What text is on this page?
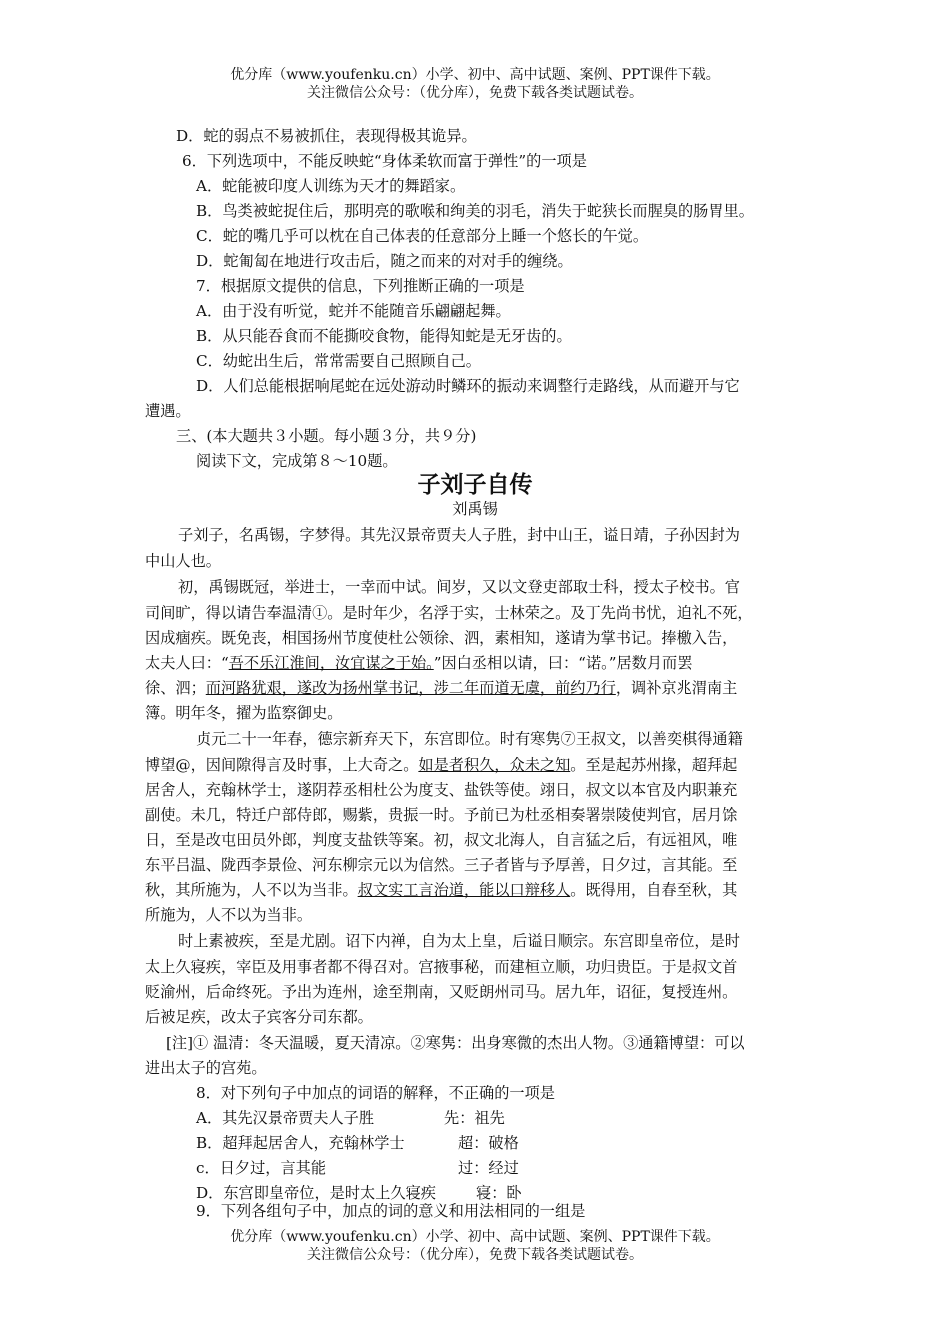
优分库（www.youfenku.cn）小学、初中、高中试题、案例、PPT课件下载。
关注微信公众号：（优分库），免费下载各类试题试卷。
D．蛇的弱点不易被抓住，表现得极其诡异。
6．下列选项中，不能反映蛇“身体柔软而富于弹性”的一项是
A．蛇能被印度人训练为天才的舞蹈家。
B．鸟类被蛇捉住后，那明亮的歌喉和绚美的羽毛，消失于蛇狭长而腥臭的肠胃里。
C．蛇的嘴几乎可以枕在自己体表的任意部分上睡一个悠长的午觉。
D．蛇匍匐在地进行攻击后，随之而来的对对手的缠绕。
7．根据原文提供的信息，下列推断正确的一项是
A．由于没有听觉，蛇并不能随音乐翩翩起舞。
B．从只能吞食而不能撕咬食物，能得知蛇是无牙齿的。
C．幼蛇出生后，常常需要自己照顾自己。
D．人们总能根据响尾蛇在远处游动时鳞环的振动来调整行走路线，从而避开与它
遭遇。
三、(本大题共３小题。每小题３分，共９分)
阅读下文，完成第８～10题。
子刘子自传
刘禹锡
子刘子，名禹锡，字梦得。其先汉景帝贾夫人子胜，封中山王，谥日靖，子孙因封为
中山人也。
初，禹锡既冠，举进士，一幸而中试。间岁，又以文登吏部取士科，授太子校书。官
司间旷，得以请告奉温清①。是时年少，名浮于实，士林荣之。及丁先尚书忧，迫礼不死，
因成痼疾。既免丧，相国扬州节度使杜公领徐、泗，素相知，遂请为掌书记。捧檄入告，
太夫人曰：“吾不乐江淮间，汝宜谋之于始。”因白丞相以请，曰：“诺。”居数月而罢
徐、泗；而河路犹艰，遂改为扬州掌书记，涉二年而道无虞，前约乃行，调补京兆渭南主
簿。明年冬，擢为监察御史。
贞元二十一年春，德宗新弃天下，东宫即位。时有寒隽⑦王叔文，以善奕棋得通籍
博望@，因间隙得言及时事，上大奇之。如是者积久，众未之知。至是起苏州掾，超拜起
居舍人，充翰林学士，遂阴荐丞相杜公为度支、盐铁等使。翊日，叔文以本官及内职兼充
副使。未几，特迁户部侍郎，赐紫，贵振一时。予前已为杜丞相奏署崇陵使判官，居月馀
日，至是改屯田员外郎，判度支盐铁等案。初，叔文北海人，自言猛之后，有远祖风，唯
东平吕温、陇西李景俭、河东柳宗元以为信然。三子者皆与予厚善，日夕过，言其能。至
秋，其所施为，人不以为当非。叔文实工言治道，能以口辩移人。既得用，自春至秋，其
所施为，人不以为当非。
时上素被疾，至是尤剧。诏下内禅，自为太上皇，后谥日顺宗。东宫即皇帝位，是时
太上久寝疾，宰臣及用事者都不得召对。宫掖事秘，而建桓立顺，功归贵臣。于是叔文首
贬渝州，后命终死。予出为连州，途至荆南，又贬朗州司马。居九年，诏征，复授连州。
后被足疾，改太子宾客分司东都。
[注]① 温清：冬天温暖，夏天清凉。②寒隽：出身寒微的杰出人物。③通籍博望：可以
进出太子的宫苑。
8．对下列句子中加点的词语的解释，不正确的一项是
A．其先汉景帝贾夫人子胜	先：祖先
B．超拜起居舍人，充翰林学士	超：破格
c．日夕过，言其能	过：经过
D．东宫即皇帝位，是时太上久寝疾	寝：卧
9．下列各组句子中，加点的词的意义和用法相同的一组是
优分库（www.youfenku.cn）小学、初中、高中试题、案例、PPT课件下载。
关注微信公众号：（优分库），免费下载各类试题试卷。
